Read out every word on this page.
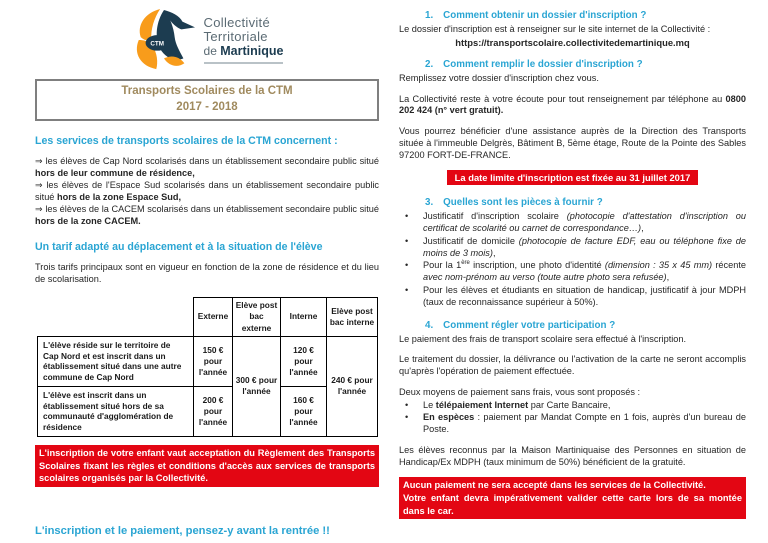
CTM
Collectivité
Territoriale
de Martinique
Transports Scolaires de la CTM
2017 - 2018
Les services de transports scolaires de la CTM concernent :
⇒ les élèves de Cap Nord scolarisés dans un établissement secondaire public situé hors de leur commune de résidence,
⇒ les élèves de l'Espace Sud scolarisés dans un établissement secondaire public situé hors de la zone Espace Sud,
⇒ les élèves de la CACEM scolarisés dans un établissement secondaire public situé hors de la zone CACEM.
Un tarif adapté au déplacement et à la situation de l'élève

Trois tarifs principaux sont en vigueur en fonction de la zone de résidence et du lieu de scolarisation.

	Externe	Elève post bac externe	Interne	Elève post bac interne
L'élève réside sur le territoire de Cap Nord et est inscrit dans un établissement situé dans une autre commune de Cap Nord	150 € pour l'année	300 € pour l'année	120 € pour l'année	240 € pour l'année
L'élève est inscrit dans un établissement situé hors de sa communauté d'agglomération de résidence	200 € pour l'année		160 € pour l'année	
L'inscription de votre enfant vaut acceptation du Règlement des Transports Scolaires fixant les règles et conditions d'accès aux services de transports scolaires organisés par la Collectivité.
L'inscription et le paiement, pensez-y avant la rentrée !!
1. Comment obtenir un dossier d'inscription ?

Le dossier d'inscription est à renseigner sur le site internet de la Collectivité :

https://transportscolaire.collectivitedemartinique.mq

2. Comment remplir le dossier d'inscription ?

Remplissez votre dossier d'inscription chez vous.

La Collectivité reste à votre écoute pour tout renseignement par téléphone au 0800 202 424 (n° vert gratuit).

Vous pourrez bénéficier d'une assistance auprès de la Direction des Transports située à l'immeuble Delgrès, Bâtiment B, 5ème étage, Route de la Pointe des Sables 97200 FORT-DE-FRANCE.

La date limite d'inscription est fixée au 31 juillet 2017
3. Quelles sont les pièces à fournir ?
•	Justificatif d'inscription scolaire (photocopie d'attestation d'inscription ou certificat de scolarité ou carnet de correspondance…),
•	Justificatif de domicile (photocopie de facture EDF, eau ou téléphone fixe de moins de 3 mois),
•	Pour la 1ère inscription, une photo d'identité (dimension : 35 x 45 mm) récente avec nom-prénom au verso (toute autre photo sera refusée),
•	Pour les élèves et étudiants en situation de handicap, justificatif à jour MDPH (taux de reconnaissance supérieur à 50%).
4. Comment régler votre participation ?

Le paiement des frais de transport scolaire sera effectué à l'inscription.

Le traitement du dossier, la délivrance ou l'activation de la carte ne seront accomplis qu'après l'opération de paiement effectuée.

Deux moyens de paiement sans frais, vous sont proposés :

•	Le télépaiement Internet par Carte Bancaire,
•	En espèces : paiement par Mandat Compte en 1 fois, auprès d'un bureau de Poste.

Les élèves reconnus par la Maison Martiniquaise des Personnes en situation de Handicap/Ex MDPH (taux minimum de 50%) bénéficient de la gratuité.

Aucun paiement ne sera accepté dans les services de la Collectivité.

Votre enfant devra impérativement valider cette carte lors de sa montée dans le car.
